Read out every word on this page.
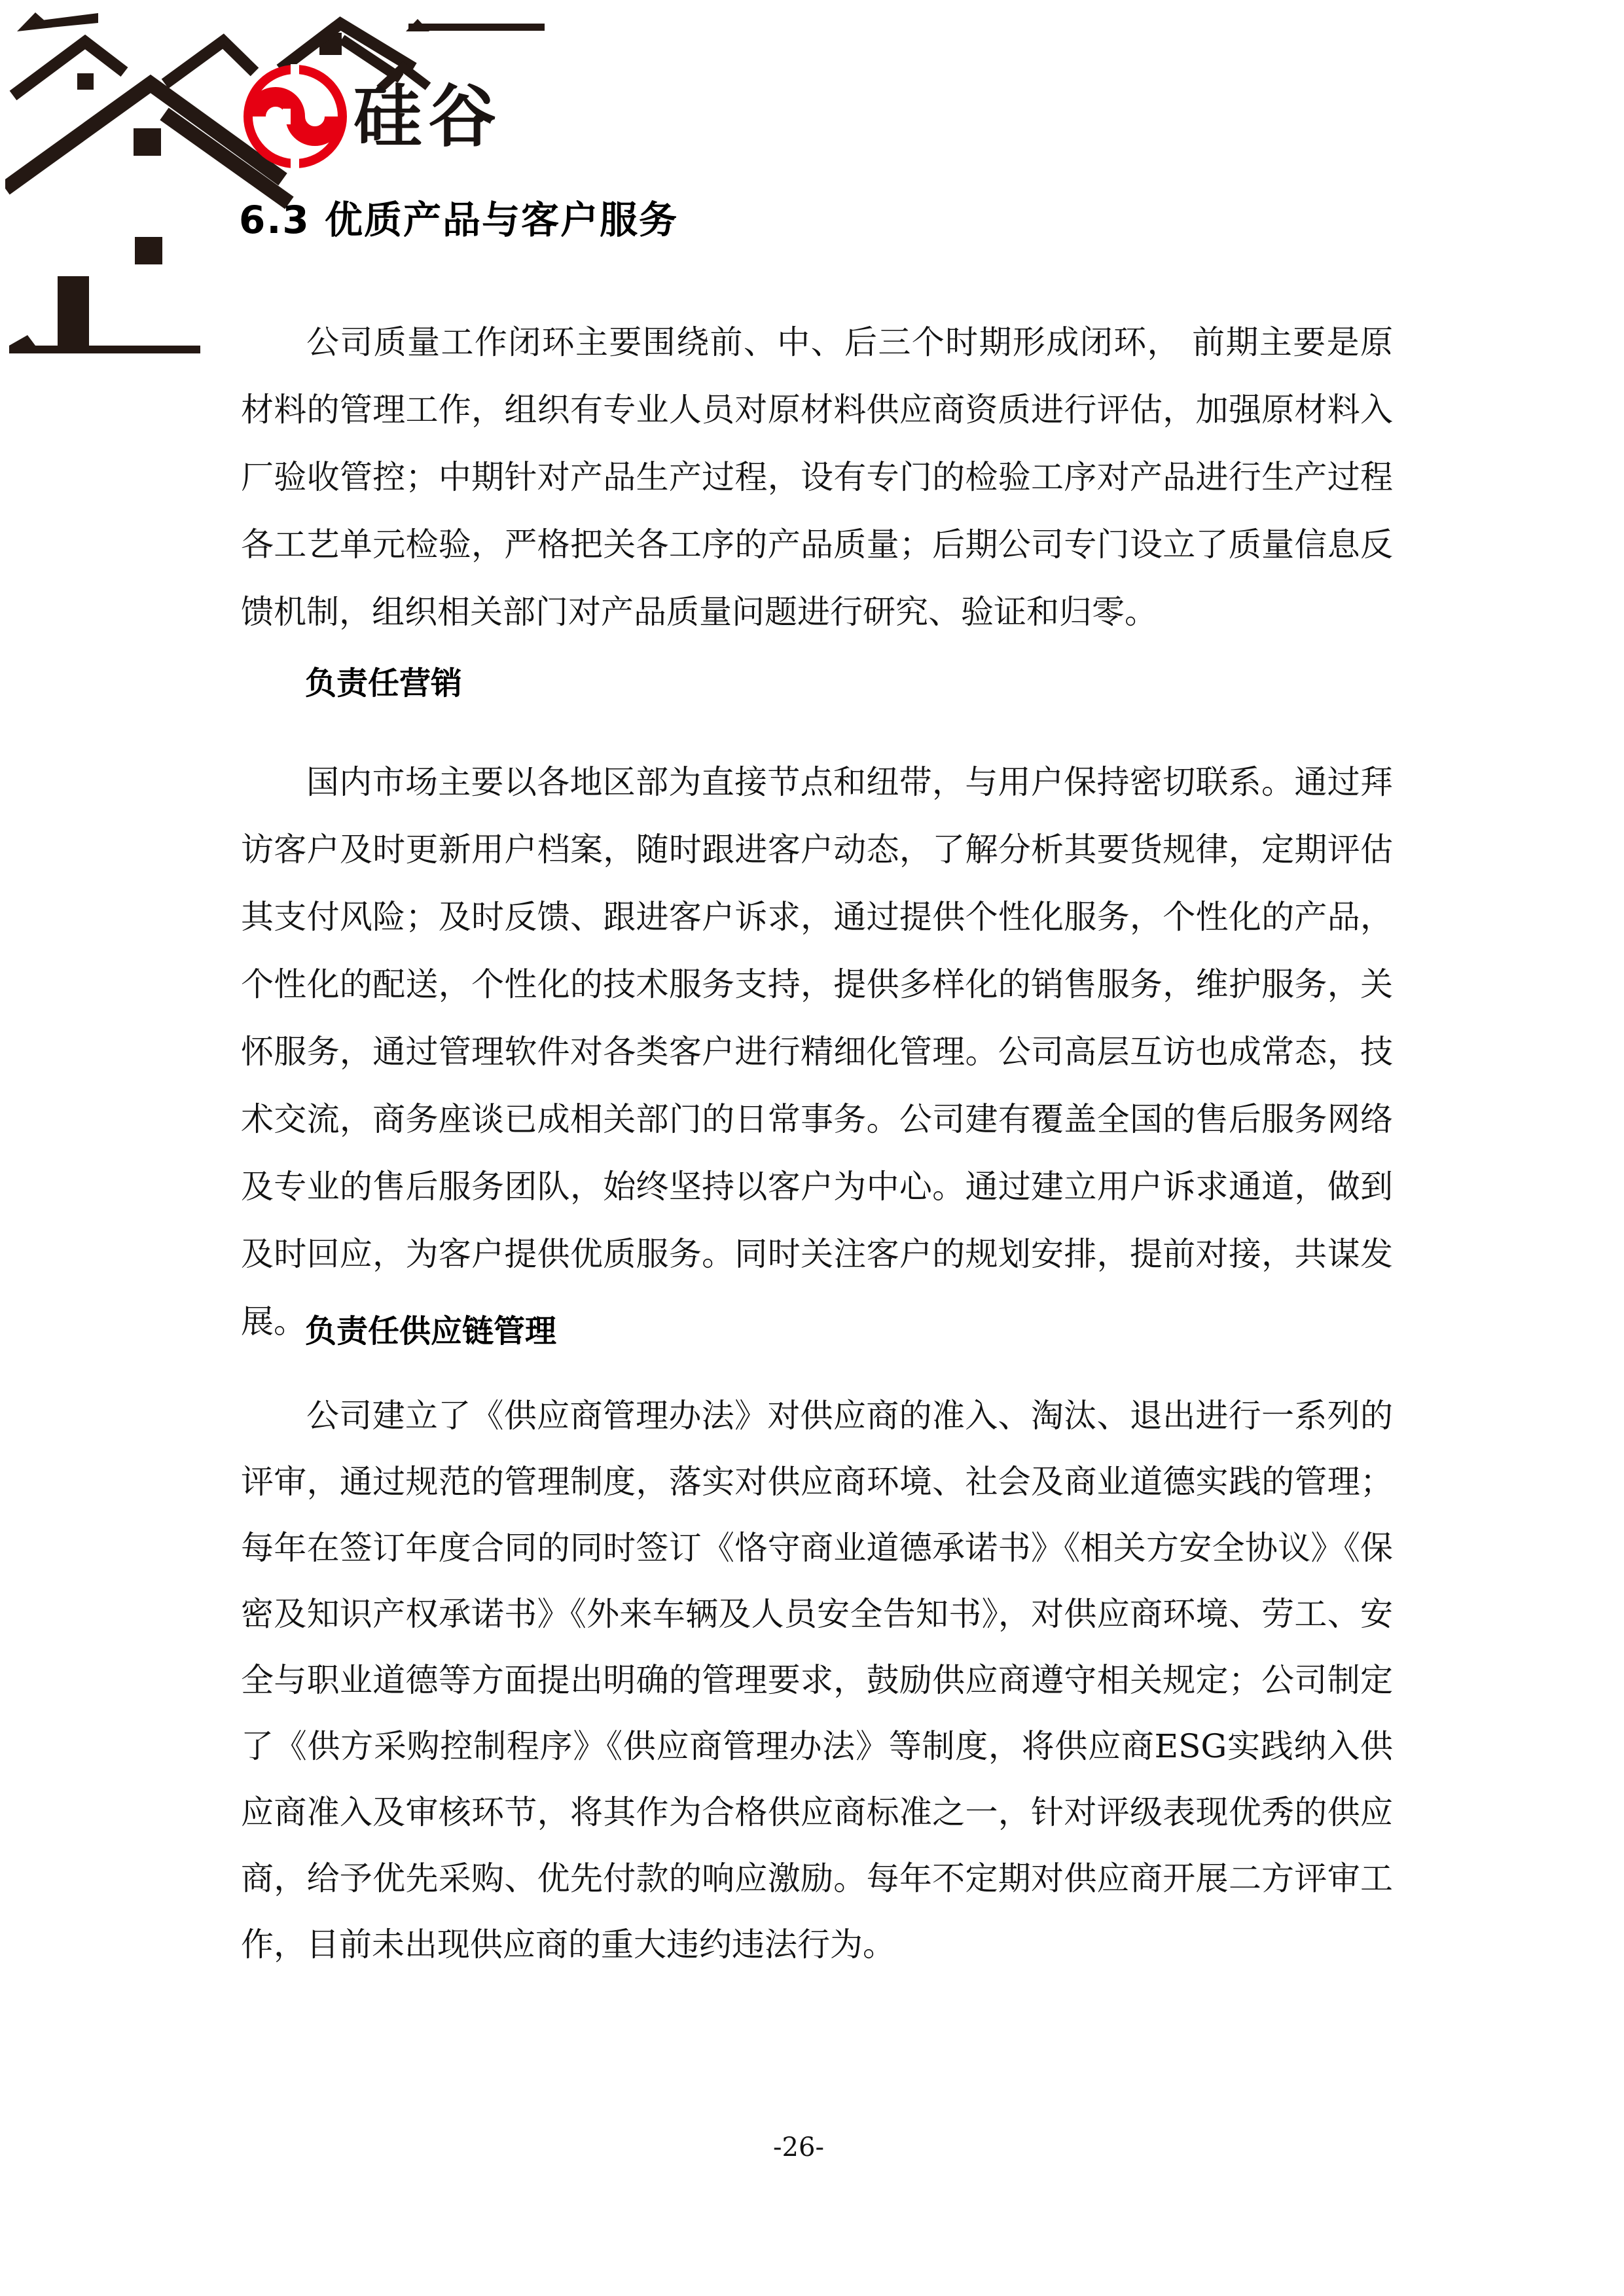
硅谷
6.3 优质产品与客户服务
公司质量工作闭环主要围绕前、中、后三个时期形成闭环， 前期主要是原材料的管理工作，组织有专业人员对原材料供应商资质进行评估，加强原材料入厂验收管控；中期针对产品生产过程，设有专门的检验工序对产品进行生产过程各工艺单元检验，严格把关各工序的产品质量；后期公司专门设立了质量信息反馈机制，组织相关部门对产品质量问题进行研究、验证和归零。
负责任营销
国内市场主要以各地区部为直接节点和纽带，与用户保持密切联系。通过拜访客户及时更新用户档案，随时跟进客户动态，了解分析其要货规律，定期评估其支付风险；及时反馈、跟进客户诉求，通过提供个性化服务，个性化的产品，个性化的配送，个性化的技术服务支持，提供多样化的销售服务，维护服务，关怀服务，通过管理软件对各类客户进行精细化管理。公司高层互访也成常态，技术交流，商务座谈已成相关部门的日常事务。公司建有覆盖全国的售后服务网络及专业的售后服务团队，始终坚持以客户为中心。通过建立用户诉求通道，做到及时回应，为客户提供优质服务。同时关注客户的规划安排，提前对接，共谋发展。
负责任供应链管理
公司建立了《供应商管理办法》对供应商的准入、淘汰、退出进行一系列的评审，通过规范的管理制度，落实对供应商环境、社会及商业道德实践的管理；每年在签订年度合同的同时签订《恪守商业道德承诺书》《相关方安全协议》《保密及知识产权承诺书》《外来车辆及人员安全告知书》，对供应商环境、劳工、安全与职业道德等方面提出明确的管理要求，鼓励供应商遵守相关规定；公司制定了《供方采购控制程序》《供应商管理办法》等制度，将供应商ESG实践纳入供应商准入及审核环节，将其作为合格供应商标准之一，针对评级表现优秀的供应商，给予优先采购、优先付款的响应激励。每年不定期对供应商开展二方评审工作，目前未出现供应商的重大违约违法行为。
-26-
